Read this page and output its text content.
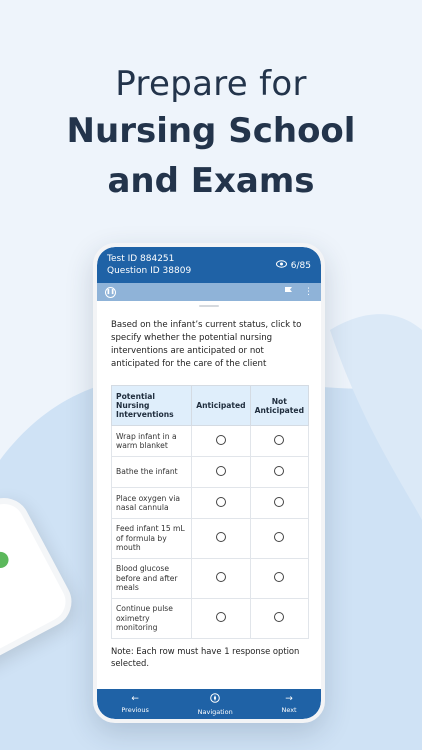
Prepare for
Nursing School
and Exams
Test ID 884251
Question ID 38809	6/85
❚❚	⋮

Based on the infant’s current status, click to specify whether the potential nursing interventions are anticipated or not anticipated for the care of the client

Potential Nursing Interventions	Anticipated	Not Anticipated
Wrap infant in a warm blanket		
Bathe the infant		
Place oxygen via nasal cannula		
Feed infant 15 mL of formula by mouth		
Blood glucose before and after meals		
Continue pulse oximetry monitoring		

Note: Each row must have 1 response option selected.

←
Previous	Navigation
→
Next
